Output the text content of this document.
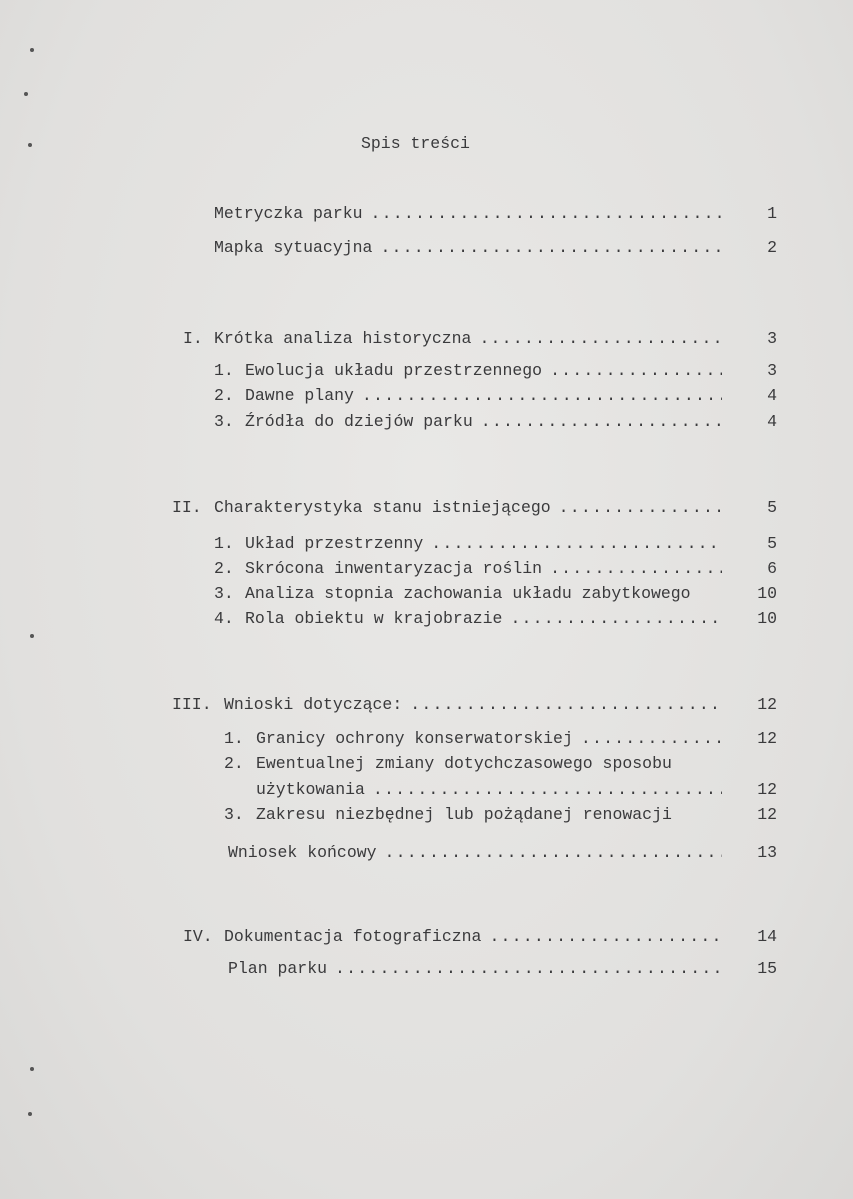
Spis treści
Metryczka parku .....	1
Mapka sytuacyjna .....	2
I. Krótka analiza historyczna .....	3
1. Ewolucja układu przestrzennego .....	3
2. Dawne plany .....	4
3. Źródła do dziejów parku .....	4
II. Charakterystyka stanu istniejącego .....	5
1. Układ przestrzenny .....	5
2. Skrócona inwentaryzacja roślin .....	6
3. Analiza stopnia zachowania układu zabytkowego	10
4. Rola obiektu w krajobrazie .....	10
III. Wnioski dotyczące: .....	12
1. Granicy ochrony konserwatorskiej .....	12
2. Ewentualnej zmiany dotychczasowego sposobu
użytkowania .....	12
3. Zakresu niezbędnej lub pożądanej renowacji	12
Wniosek końcowy .....	13
IV. Dokumentacja fotograficzna .....	14
Plan parku .....	15
